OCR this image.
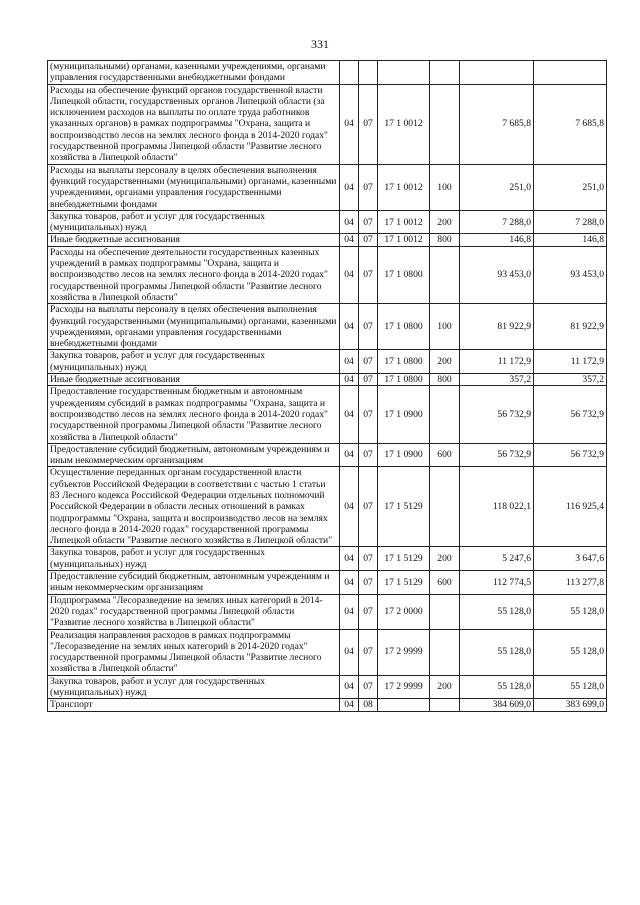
331
(муниципальными) органами, казенными учреждениями, органами управления государственными внебюджетными фондами						
Расходы на обеспечение функций органов государственной власти Липецкой области, государственных органов Липецкой области (за исключением расходов на выплаты по оплате труда работников указанных органов) в рамках подпрограммы "Охрана, защита и воспроизводство лесов на землях лесного фонда в 2014-2020 годах" государственной программы Липецкой области "Развитие лесного хозяйства в Липецкой области"	04	07	17 1 0012		7 685,8	7 685,8
Расходы на выплаты персоналу в целях обеспечения выполнения функций государственными (муниципальными) органами, казенными учреждениями, органами управления государственными внебюджетными фондами	04	07	17 1 0012	100	251,0	251,0
Закупка товаров, работ и услуг для государственных (муниципальных) нужд	04	07	17 1 0012	200	7 288,0	7 288,0
Иные бюджетные ассигнования	04	07	17 1 0012	800	146,8	146,8
Расходы на обеспечение деятельности государственных казенных учреждений в рамках подпрограммы "Охрана, защита и воспроизводство лесов на землях лесного фонда в 2014-2020 годах" государственной программы Липецкой области "Развитие лесного хозяйства в Липецкой области"	04	07	17 1 0800		93 453,0	93 453,0
Расходы на выплаты персоналу в целях обеспечения выполнения функций государственными (муниципальными) органами, казенными учреждениями, органами управления государственными внебюджетными фондами	04	07	17 1 0800	100	81 922,9	81 922,9
Закупка товаров, работ и услуг для государственных (муниципальных) нужд	04	07	17 1 0800	200	11 172,9	11 172,9
Иные бюджетные ассигнования	04	07	17 1 0800	800	357,2	357,2
Предоставление государственным бюджетным и автономным учреждениям субсидий в рамках подпрограммы "Охрана, защита и воспроизводство лесов на землях лесного фонда в 2014-2020 годах" государственной программы Липецкой области "Развитие лесного хозяйства в Липецкой области"	04	07	17 1 0900		56 732,9	56 732,9
Предоставление субсидий бюджетным, автономным учреждениям и иным некоммерческим организациям	04	07	17 1 0900	600	56 732,9	56 732,9
Осуществление переданных органам государственной власти субъектов Российской Федерации в соответствии с частью 1 статьи 83 Лесного кодекса Российской Федерации отдельных полномочий Российской Федерации в области лесных отношений в рамках подпрограммы "Охрана, защита и воспроизводство лесов на землях лесного фонда в 2014-2020 годах" государственной программы Липецкой области "Развитие лесного хозяйства в Липецкой области"	04	07	17 1 5129		118 022,1	116 925,4
Закупка товаров, работ и услуг для государственных (муниципальных) нужд	04	07	17 1 5129	200	5 247,6	3 647,6
Предоставление субсидий бюджетным, автономным учреждениям и иным некоммерческим организациям	04	07	17 1 5129	600	112 774,5	113 277,8
Подпрограмма "Лесоразведение на землях иных категорий в 2014-2020 годах" государственной программы Липецкой области "Развитие лесного хозяйства в Липецкой области"	04	07	17 2 0000		55 128,0	55 128,0
Реализация направления расходов в рамках подпрограммы "Лесоразведение на землях иных категорий в 2014-2020 годах" государственной программы Липецкой области "Развитие лесного хозяйства в Липецкой области"	04	07	17 2 9999		55 128,0	55 128,0
Закупка товаров, работ и услуг для государственных (муниципальных) нужд	04	07	17 2 9999	200	55 128,0	55 128,0
Транспорт	04	08			384 609,0	383 699,0
